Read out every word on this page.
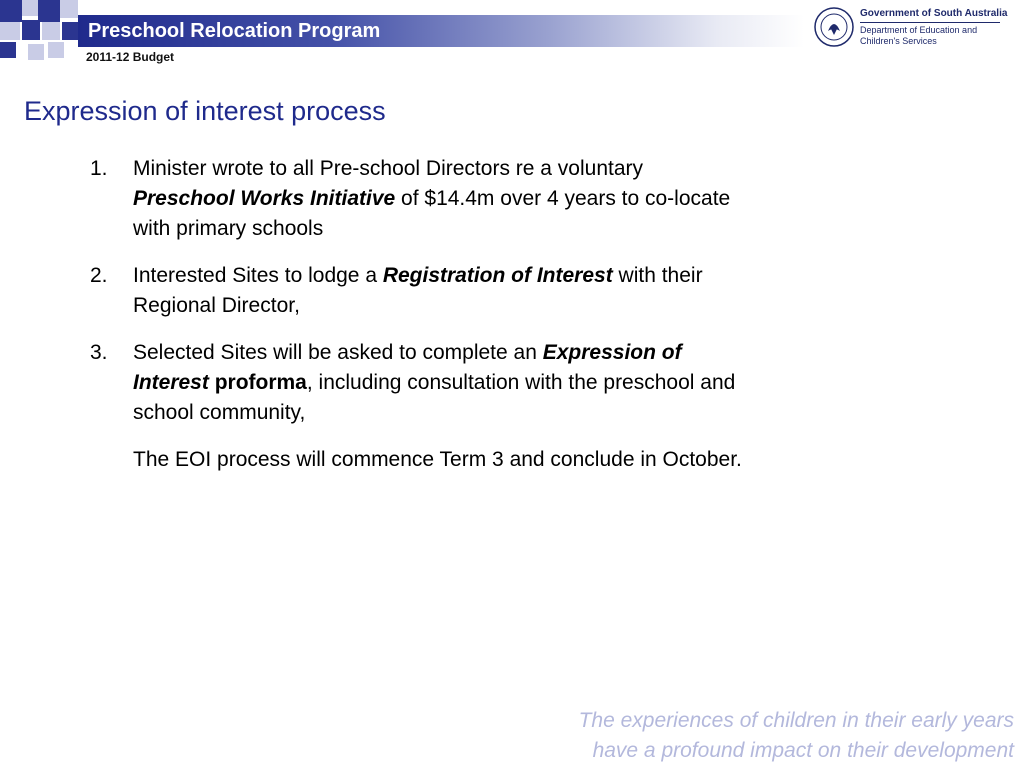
Preschool Relocation Program
2011-12 Budget
Government of South Australia
Department of Education and
Children's Services
Expression of interest process
1.	Minister wrote to all Pre-school Directors re a voluntary Preschool Works Initiative of $14.4m over 4 years to co-locate with primary schools
2.	Interested Sites to lodge a Registration of Interest with their Regional Director,
3.	Selected Sites will be asked to complete an Expression of Interest proforma, including consultation with the preschool and school community,
The EOI process will commence Term 3 and conclude in October.
The experiences of children in their early years
have a profound impact on their development
